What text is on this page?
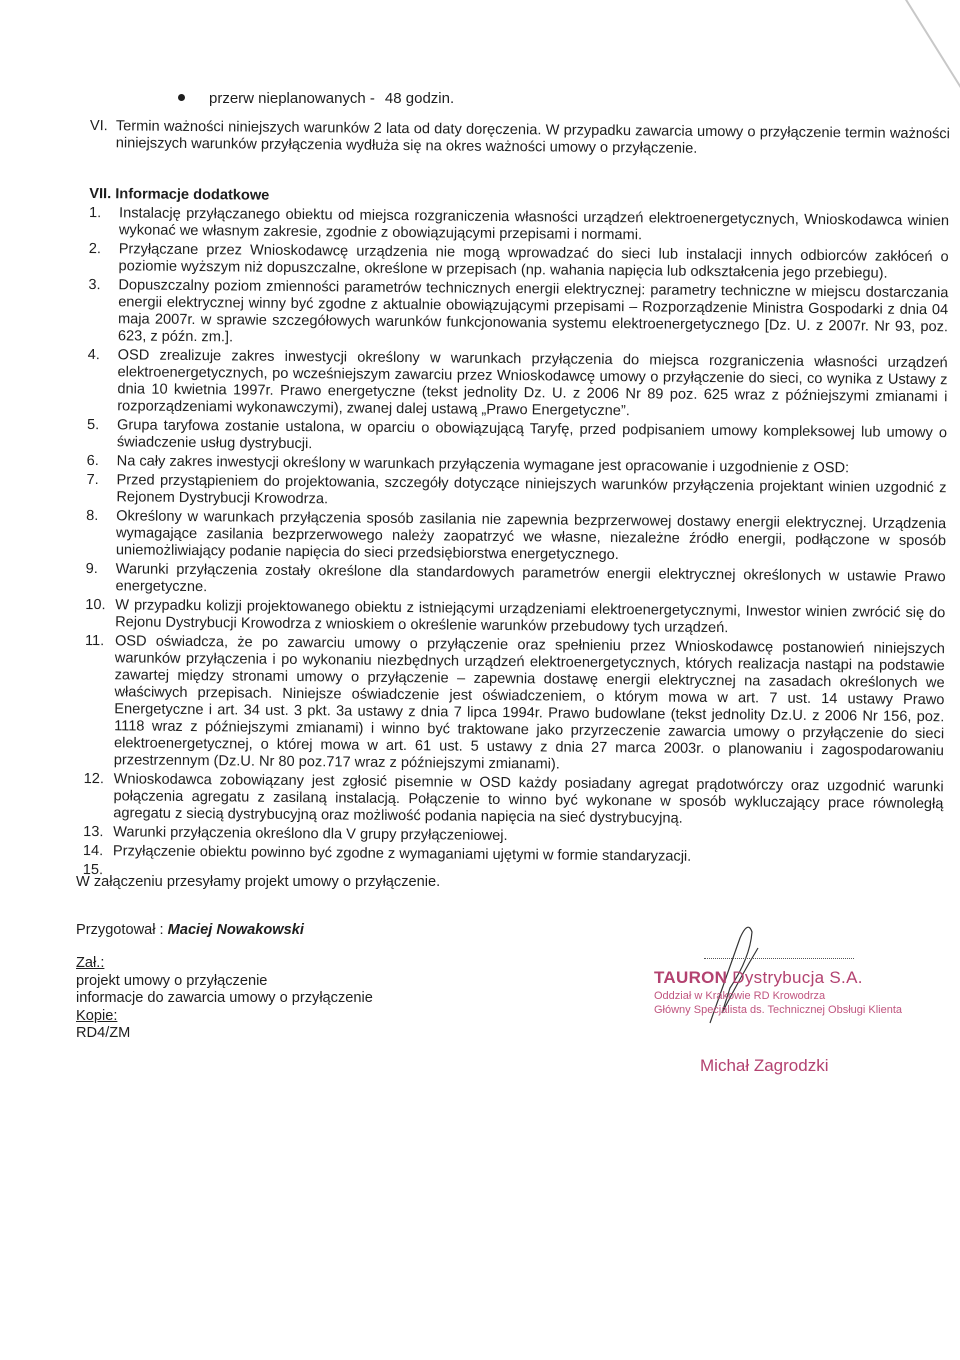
przerw nieplanowanych - 48 godzin.
VI. Termin ważności niniejszych warunków 2 lata od daty doręczenia. W przypadku zawarcia umowy o przyłączenie termin ważności niniejszych warunków przyłączenia wydłuża się na okres ważności umowy o przyłączenie.
VII. Informacje dodatkowe
1.	Instalację przyłączanego obiektu od miejsca rozgraniczenia własności urządzeń elektroenergetycznych, Wnioskodawca winien wykonać we własnym zakresie, zgodnie z obowiązującymi przepisami i normami.
2.	Przyłączane przez Wnioskodawcę urządzenia nie mogą wprowadzać do sieci lub instalacji innych odbiorców zakłóceń o poziomie wyższym niż dopuszczalne, określone w przepisach (np. wahania napięcia lub odkształcenia jego przebiegu).
3.	Dopuszczalny poziom zmienności parametrów technicznych energii elektrycznej: parametry techniczne w miejscu dostarczania energii elektrycznej winny być zgodne z aktualnie obowiązującymi przepisami – Rozporządzenie Ministra Gospodarki z dnia 04 maja 2007r. w sprawie szczegółowych warunków funkcjonowania systemu elektroenergetycznego [Dz. U. z 2007r. Nr 93, poz. 623, z późn. zm.].
4.	OSD zrealizuje zakres inwestycji określony w warunkach przyłączenia do miejsca rozgraniczenia własności urządzeń elektroenergetycznych, po wcześniejszym zawarciu przez Wnioskodawcę umowy o przyłączenie do sieci, co wynika z Ustawy z dnia 10 kwietnia 1997r. Prawo energetyczne (tekst jednolity Dz. U. z 2006 Nr 89 poz. 625 wraz z późniejszymi zmianami i rozporządzeniami wykonawczymi), zwanej dalej ustawą „Prawo Energetyczne”.
5.	Grupa taryfowa zostanie ustalona, w oparciu o obowiązującą Taryfę, przed podpisaniem umowy kompleksowej lub umowy o świadczenie usług dystrybucji.
6.	Na cały zakres inwestycji określony w warunkach przyłączenia wymagane jest opracowanie i uzgodnienie z OSD:
7.	Przed przystąpieniem do projektowania, szczegóły dotyczące niniejszych warunków przyłączenia projektant winien uzgodnić z Rejonem Dystrybucji Krowodrza.
8.	Określony w warunkach przyłączenia sposób zasilania nie zapewnia bezprzerwowej dostawy energii elektrycznej. Urządzenia wymagające zasilania bezprzerwowego należy zaopatrzyć we własne, niezależne źródło energii, podłączone w sposób uniemożliwiający podanie napięcia do sieci przedsiębiorstwa energetycznego.
9.	Warunki przyłączenia zostały określone dla standardowych parametrów energii elektrycznej określonych w ustawie Prawo energetyczne.
10. W przypadku kolizji projektowanego obiektu z istniejącymi urządzeniami elektroenergetycznymi, Inwestor winien zwrócić się do Rejonu Dystrybucji Krowodrza z wnioskiem o określenie warunków przebudowy tych urządzeń.
11. OSD oświadcza, że po zawarciu umowy o przyłączenie oraz spełnieniu przez Wnioskodawcę postanowień niniejszych warunków przyłączenia i po wykonaniu niezbędnych urządzeń elektroenergetycznych, których realizacja nastąpi na podstawie zawartej między stronami umowy o przyłączenie – zapewnia dostawę energii elektrycznej na zasadach określonych we właściwych przepisach. Niniejsze oświadczenie jest oświadczeniem, o którym mowa w art. 7 ust. 14 ustawy Prawo Energetyczne i art. 34 ust. 3 pkt. 3a ustawy z dnia 7 lipca 1994r. Prawo budowlane (tekst jednolity Dz.U. z 2006 Nr 156, poz. 1118 wraz z późniejszymi zmianami) i winno być traktowane jako przyrzeczenie zawarcia umowy o przyłączenie do sieci elektroenergetycznej, o której mowa w art. 61 ust. 5 ustawy z dnia 27 marca 2003r. o planowaniu i zagospodarowaniu przestrzennym (Dz.U. Nr 80 poz.717 wraz z późniejszymi zmianami).
12. Wnioskodawca zobowiązany jest zgłosić pisemnie w OSD każdy posiadany agregat prądotwórczy oraz uzgodnić warunki połączenia agregatu z zasilaną instalacją. Połączenie to winno być wykonane w sposób wykluczający prace równoległą agregatu z siecią dystrybucyjną oraz możliwość podania napięcia na sieć dystrybucyjną.
13. Warunki przyłączenia określono dla V grupy przyłączeniowej.
14. Przyłączenie obiektu powinno być zgodne z wymaganiami ujętymi w formie standaryzacji.
15.
W załączeniu przesyłamy projekt umowy o przyłączenie.
Przygotował : Maciej Nowakowski
Zał.:
projekt umowy o przyłączenie
informacje do zawarcia umowy o przyłączenie
Kopie:
RD4/ZM
TAURON Dystrybucja S.A.
Oddział w Krakowie RD Krowodrza
Główny Specjalista ds. Technicznej Obsługi Klienta
Michał Zagrodzki
